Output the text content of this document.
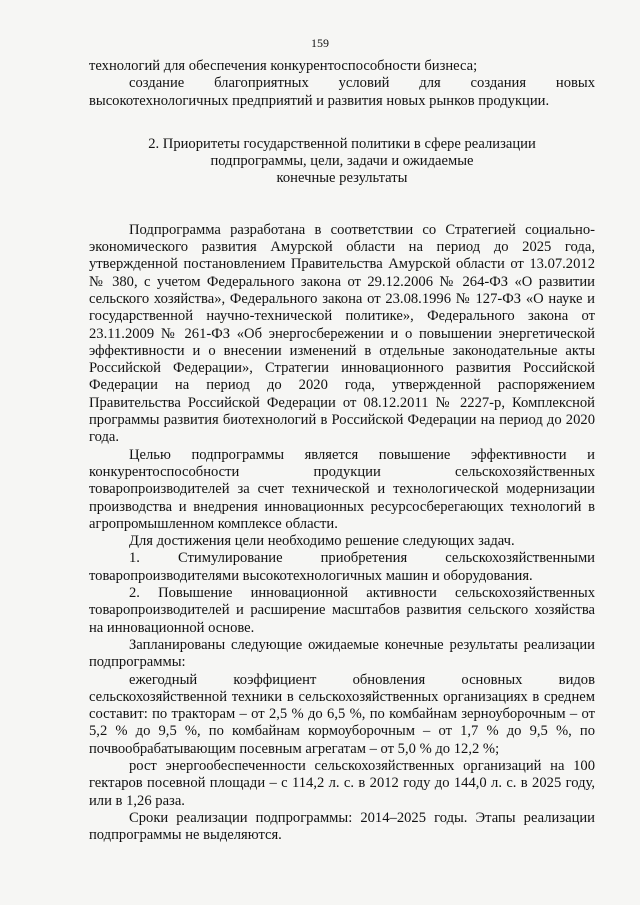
159

технологий для обеспечения конкурентоспособности бизнеса;

создание благоприятных условий для создания новых высокотехнологичных предприятий и развития новых рынков продукции.

2. Приоритеты государственной политики в сфере реализации
подпрограммы, цели, задачи и ожидаемые
конечные результаты

Подпрограмма разработана в соответствии со Стратегией социально-экономического развития Амурской области на период до 2025 года, утвержденной постановлением Правительства Амурской области от 13.07.2012 № 380, с учетом Федерального закона от 29.12.2006 № 264-ФЗ «О развитии сельского хозяйства», Федерального закона от 23.08.1996 № 127-ФЗ «О науке и государственной научно-технической политике», Федерального закона от 23.11.2009 № 261-ФЗ «Об энергосбережении и о повышении энергетической эффективности и о внесении изменений в отдельные законодательные акты Российской Федерации», Стратегии инновационного развития Российской Федерации на период до 2020 года, утвержденной распоряжением Правительства Российской Федерации от 08.12.2011 № 2227-р, Комплексной программы развития биотехнологий в Российской Федерации на период до 2020 года.

Целью подпрограммы является повышение эффективности и конкурентоспособности продукции сельскохозяйственных товаропроизводителей за счет технической и технологической модернизации производства и внедрения инновационных ресурсосберегающих технологий в агропромышленном комплексе области.

Для достижения цели необходимо решение следующих задач.

1. Стимулирование приобретения сельскохозяйственными товаропроизводителями высокотехнологичных машин и оборудования.

2. Повышение инновационной активности сельскохозяйственных товаропроизводителей и расширение масштабов развития сельского хозяйства на инновационной основе.

Запланированы следующие ожидаемые конечные результаты реализации подпрограммы:

ежегодный коэффициент обновления основных видов сельскохозяйственной техники в сельскохозяйственных организациях в среднем составит: по тракторам – от 2,5 % до 6,5 %, по комбайнам зерноуборочным – от 5,2 % до 9,5 %, по комбайнам кормоуборочным – от 1,7 % до 9,5 %, по почвообрабатывающим посевным агрегатам – от 5,0 % до 12,2 %;

рост энергообеспеченности сельскохозяйственных организаций на 100 гектаров посевной площади – с 114,2 л. с. в 2012 году до 144,0 л. с. в 2025 году, или в 1,26 раза.

Сроки реализации подпрограммы: 2014–2025 годы. Этапы реализации подпрограммы не выделяются.
